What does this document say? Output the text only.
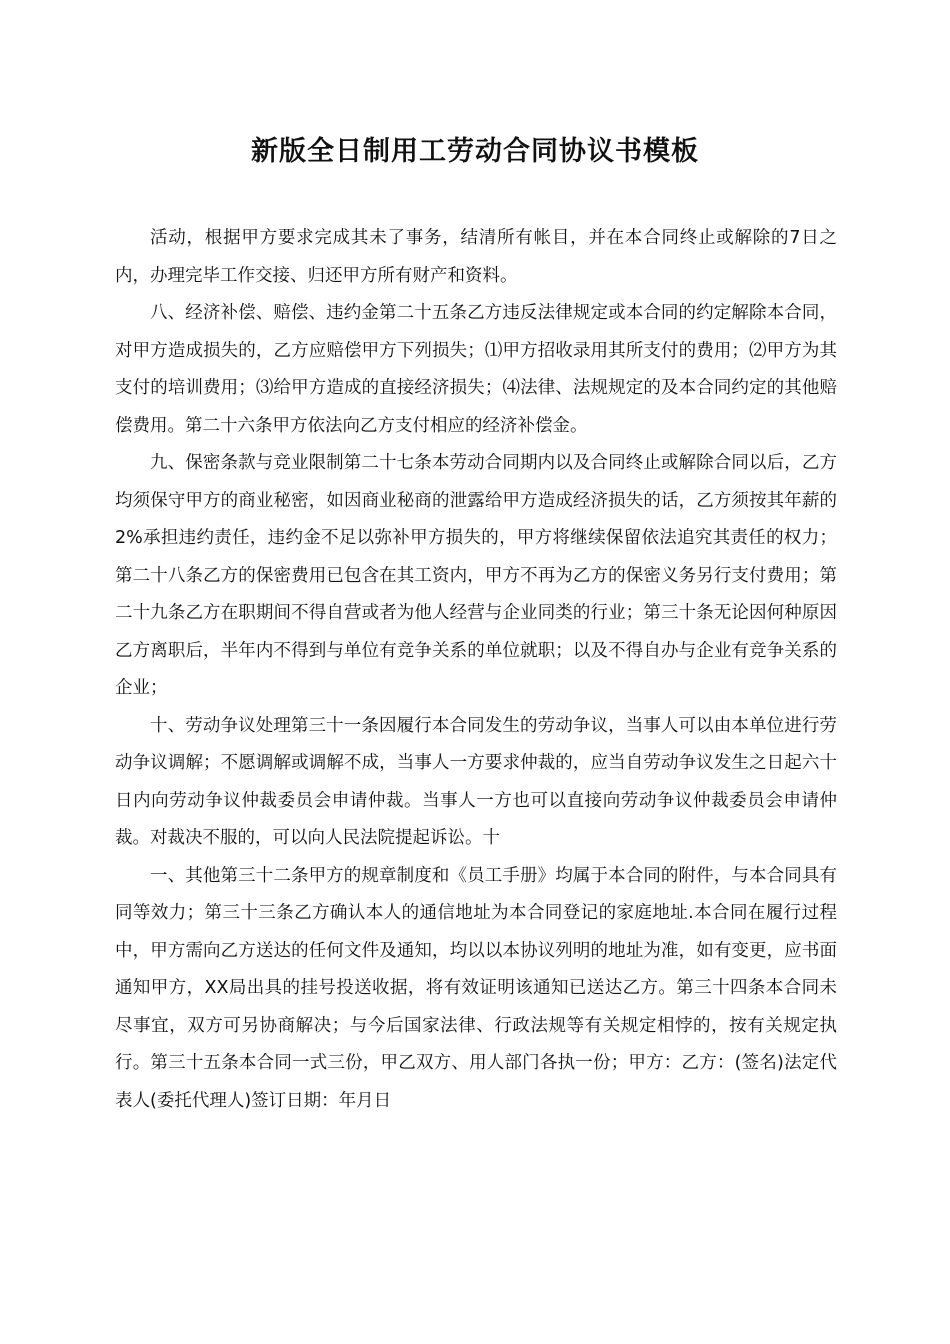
新版全日制用工劳动合同协议书模板

活动，根据甲方要求完成其未了事务，结清所有帐目，并在本合同终止或解除的7日之内，办理完毕工作交接、归还甲方所有财产和资料。

八、经济补偿、赔偿、违约金第二十五条乙方违反法律规定或本合同的约定解除本合同，对甲方造成损失的，乙方应赔偿甲方下列损失；⑴甲方招收录用其所支付的费用；⑵甲方为其支付的培训费用；⑶给甲方造成的直接经济损失；⑷法律、法规规定的及本合同约定的其他赔偿费用。第二十六条甲方依法向乙方支付相应的经济补偿金。

九、保密条款与竞业限制第二十七条本劳动合同期内以及合同终止或解除合同以后，乙方均须保守甲方的商业秘密，如因商业秘商的泄露给甲方造成经济损失的话，乙方须按其年薪的2%承担违约责任，违约金不足以弥补甲方损失的，甲方将继续保留依法追究其责任的权力；第二十八条乙方的保密费用已包含在其工资内，甲方不再为乙方的保密义务另行支付费用；第二十九条乙方在职期间不得自营或者为他人经营与企业同类的行业；第三十条无论因何种原因乙方离职后，半年内不得到与单位有竞争关系的单位就职；以及不得自办与企业有竞争关系的企业；

十、劳动争议处理第三十一条因履行本合同发生的劳动争议，当事人可以由本单位进行劳动争议调解；不愿调解或调解不成，当事人一方要求仲裁的，应当自劳动争议发生之日起六十日内向劳动争议仲裁委员会申请仲裁。当事人一方也可以直接向劳动争议仲裁委员会申请仲裁。对裁决不服的，可以向人民法院提起诉讼。十

一、其他第三十二条甲方的规章制度和《员工手册》均属于本合同的附件，与本合同具有同等效力；第三十三条乙方确认本人的通信地址为本合同登记的家庭地址.本合同在履行过程中，甲方需向乙方送达的任何文件及通知，均以以本协议列明的地址为准，如有变更，应书面通知甲方，XX局出具的挂号投送收据，将有效证明该通知已送达乙方。第三十四条本合同未尽事宜，双方可另协商解决；与今后国家法律、行政法规等有关规定相悖的，按有关规定执行。第三十五条本合同一式三份，甲乙双方、用人部门各执一份；甲方：乙方：(签名)法定代表人(委托代理人)签订日期：年月日
